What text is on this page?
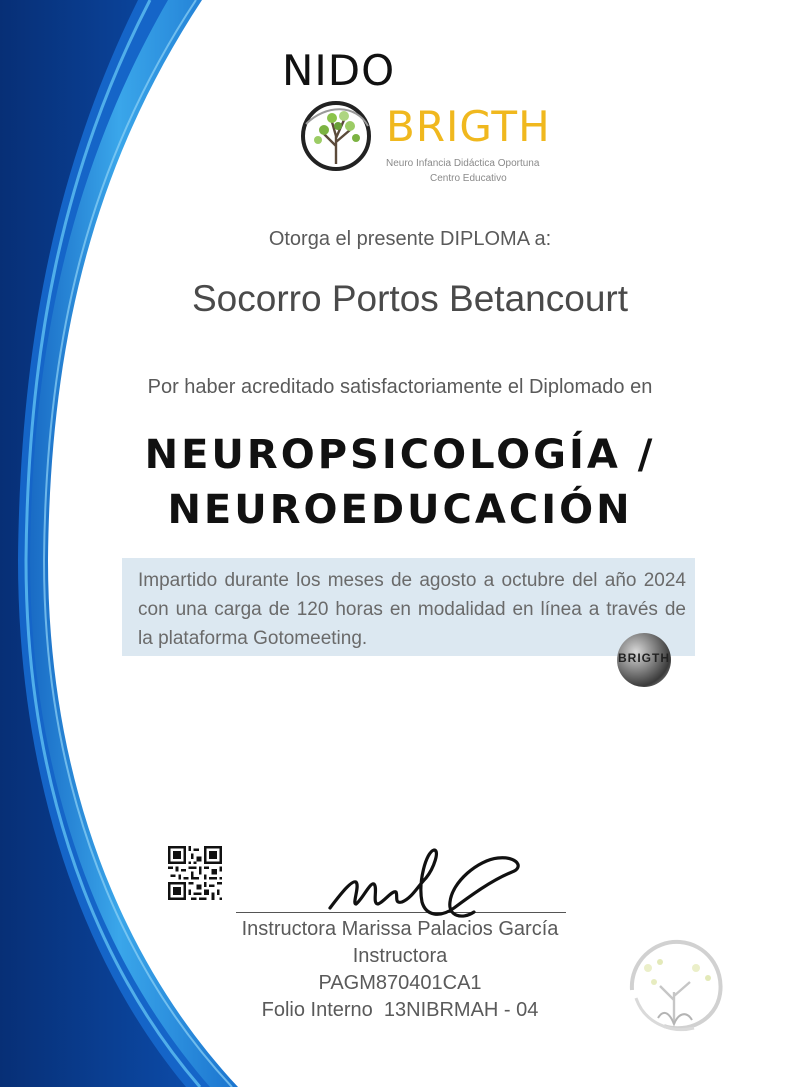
NIDO
BRIGTH
Neuro Infancia Didáctica Oportuna
Centro Educativo
Otorga el presente DIPLOMA a:
Socorro Portos Betancourt
Por haber acreditado satisfactoriamente el Diplomado en
NEUROPSICOLOGÍA /
NEUROEDUCACIÓN
Impartido durante los meses de agosto a octubre del año 2024 con una carga de 120 horas en modalidad en línea a través de la plataforma Gotomeeting.
BRIGTH
Instructora Marissa Palacios García
Instructora
PAGM870401CA1
Folio Interno  13NIBRMAH - 04
